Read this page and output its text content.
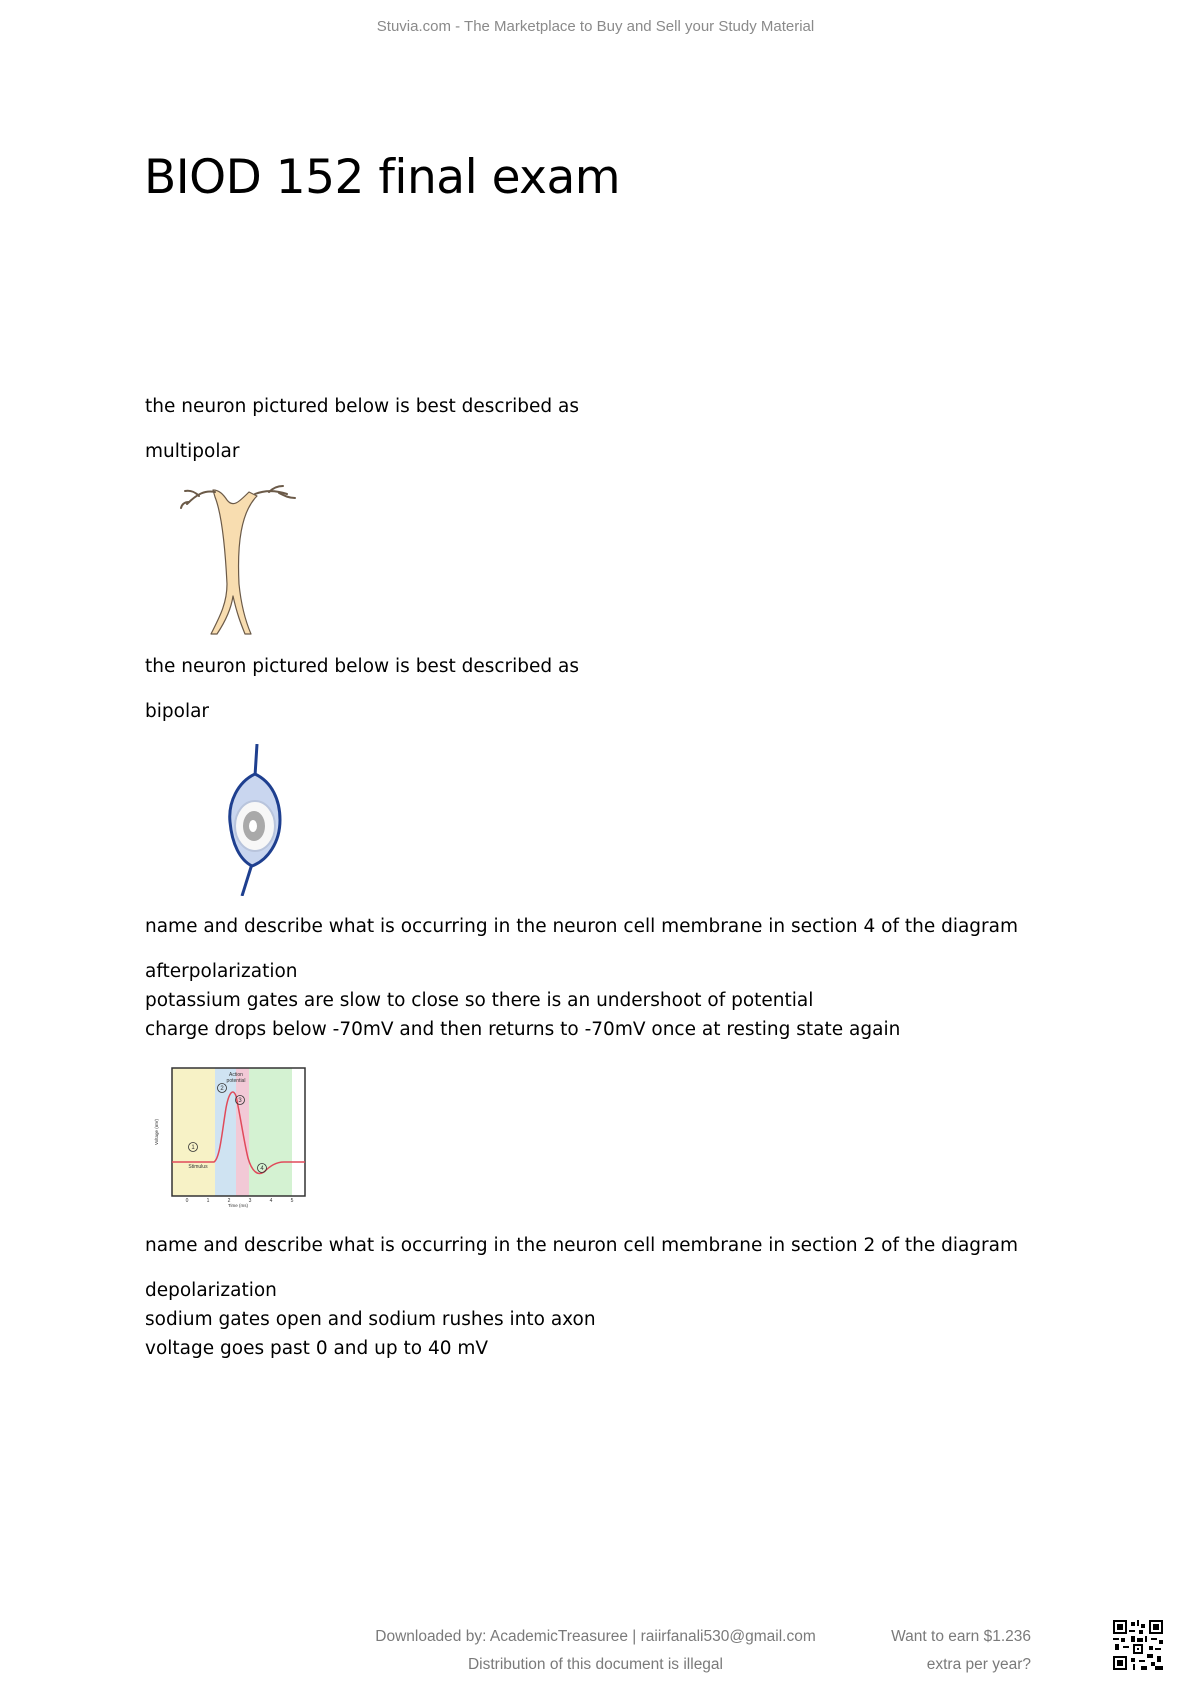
Stuvia.com - The Marketplace to Buy and Sell your Study Material
BIOD 152 final exam
the neuron pictured below is best described as
multipolar
the neuron pictured below is best described as
bipolar
name and describe what is occurring in the neuron cell membrane in section 4 of the diagram
afterpolarization
potassium gates are slow to close so there is an undershoot of potential
charge drops below -70mV and then returns to -70mV once at resting state again
Action
potential
Stimulus
Voltage (mV)
Time (ms)
0	1	2	3	4	5
1
2
3
4
name and describe what is occurring in the neuron cell membrane in section 2 of the diagram
depolarization
sodium gates open and sodium rushes into axon
voltage goes past 0 and up to 40 mV
Downloaded by: AcademicTreasuree | raiirfanali530@gmail.com
Distribution of this document is illegal
Want to earn $1.236
extra per year?
